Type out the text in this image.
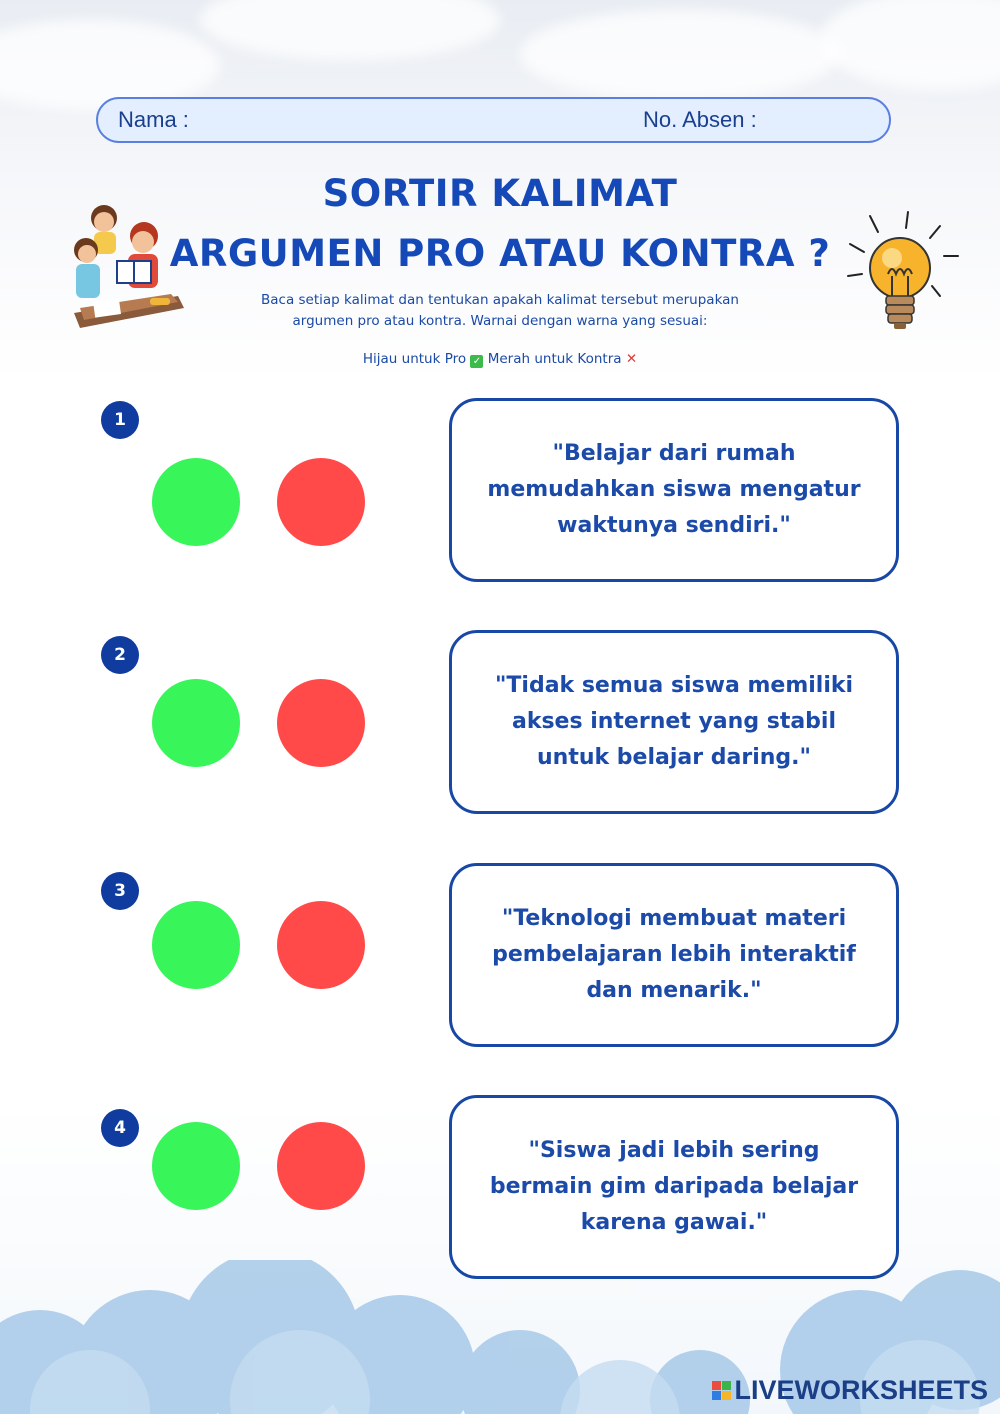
Nama :	No. Absen :
SORTIR KALIMAT
ARGUMEN PRO ATAU KONTRA ?
Baca setiap kalimat dan tentukan apakah kalimat tersebut merupakan
argumen pro atau kontra. Warnai dengan warna yang sesuai:
Hijau untuk Pro ✓ Merah untuk Kontra ✕
1
"Belajar dari rumah memudahkan siswa mengatur waktunya sendiri."
2
"Tidak semua siswa memiliki akses internet yang stabil untuk belajar daring."
3
"Teknologi membuat materi pembelajaran lebih interaktif dan menarik."
4
"Siswa jadi lebih sering bermain gim daripada belajar karena gawai."
LIVEWORKSHEETS
